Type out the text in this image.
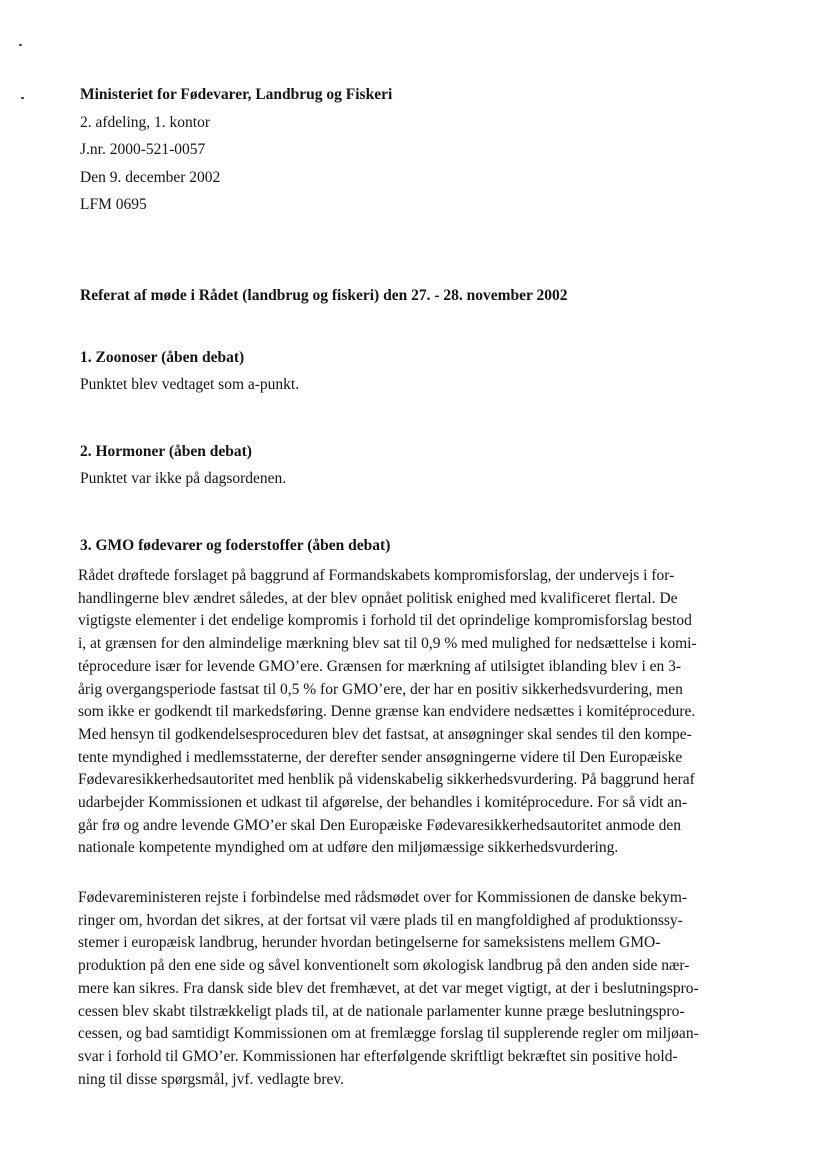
Ministeriet for Fødevarer, Landbrug og Fiskeri
2. afdeling, 1. kontor
J.nr. 2000-521-0057
Den 9. december 2002
LFM 0695
Referat af møde i Rådet (landbrug og fiskeri) den 27. - 28. november 2002
1. Zoonoser (åben debat)
Punktet blev vedtaget som a-punkt.
2. Hormoner (åben debat)
Punktet var ikke på dagsordenen.
3. GMO fødevarer og foderstoffer (åben debat)
Rådet drøftede forslaget på baggrund af Formandskabets kompromisforslag, der undervejs i for-
handlingerne blev ændret således, at der blev opnået politisk enighed med kvalificeret flertal. De
vigtigste elementer i det endelige kompromis i forhold til det oprindelige kompromisforslag bestod
i, at grænsen for den almindelige mærkning blev sat til 0,9 % med mulighed for nedsættelse i komi-
téprocedure især for levende GMO’ere. Grænsen for mærkning af utilsigtet iblanding blev i en 3-
årig overgangsperiode fastsat til 0,5 % for GMO’ere, der har en positiv sikkerhedsvurdering, men
som ikke er godkendt til markedsføring. Denne grænse kan endvidere nedsættes i komitéprocedure.
Med hensyn til godkendelsesproceduren blev det fastsat, at ansøgninger skal sendes til den kompe-
tente myndighed i medlemsstaterne, der derefter sender ansøgningerne videre til Den Europæiske
Fødevaresikkerhedsautoritet med henblik på videnskabelig sikkerhedsvurdering. På baggrund heraf
udarbejder Kommissionen et udkast til afgørelse, der behandles i komitéprocedure. For så vidt an-
går frø og andre levende GMO’er skal Den Europæiske Fødevaresikkerhedsautoritet anmode den
nationale kompetente myndighed om at udføre den miljømæssige sikkerhedsvurdering.
Fødevareministeren rejste i forbindelse med rådsmødet over for Kommissionen de danske bekym-
ringer om, hvordan det sikres, at der fortsat vil være plads til en mangfoldighed af produktionssy-
stemer i europæisk landbrug, herunder hvordan betingelserne for sameksistens mellem GMO-
produktion på den ene side og såvel konventionelt som økologisk landbrug på den anden side nær-
mere kan sikres. Fra dansk side blev det fremhævet, at det var meget vigtigt, at der i beslutningspro-
cessen blev skabt tilstrækkeligt plads til, at de nationale parlamenter kunne præge beslutningspro-
cessen, og bad samtidigt Kommissionen om at fremlægge forslag til supplerende regler om miljøan-
svar i forhold til GMO’er. Kommissionen har efterfølgende skriftligt bekræftet sin positive hold-
ning til disse spørgsmål, jvf. vedlagte brev.
